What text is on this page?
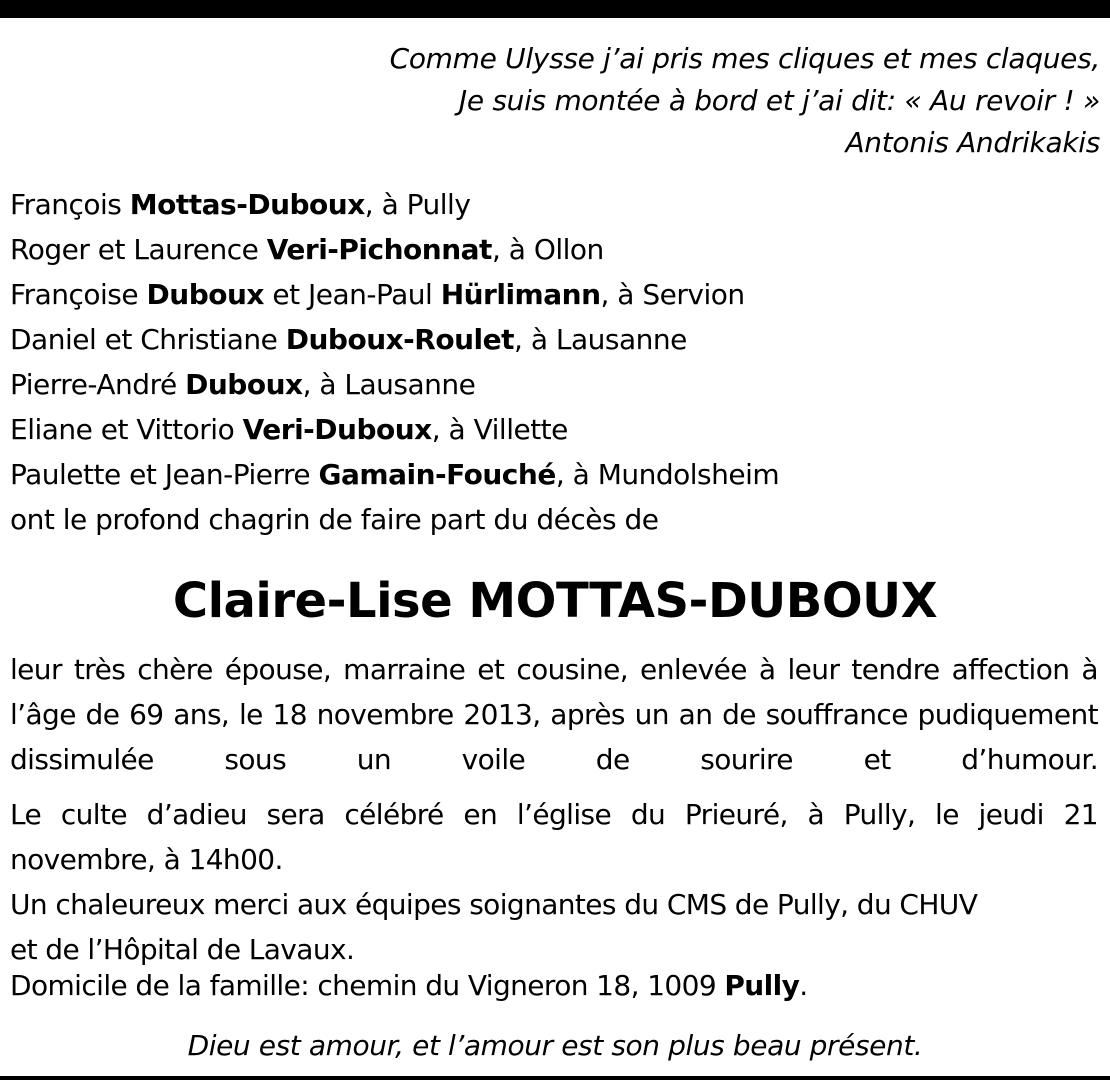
Comme Ulysse j’ai pris mes cliques et mes claques,
Je suis montée à bord et j’ai dit: « Au revoir ! »
Antonis Andrikakis
François Mottas-Duboux, à Pully
Roger et Laurence Veri-Pichonnat, à Ollon
Françoise Duboux et Jean-Paul Hürlimann, à Servion
Daniel et Christiane Duboux-Roulet, à Lausanne
Pierre-André Duboux, à Lausanne
Eliane et Vittorio Veri-Duboux, à Villette
Paulette et Jean-Pierre Gamain-Fouché, à Mundolsheim
ont le profond chagrin de faire part du décès de
Claire-Lise MOTTAS-DUBOUX
leur très chère épouse, marraine et cousine, enlevée à leur tendre affection à l’âge de 69 ans, le 18 novembre 2013, après un an de souffrance pudiquement dissimulée sous un voile de sourire et d’humour.
Le culte d’adieu sera célébré en l’église du Prieuré, à Pully, le jeudi 21 novembre, à 14h00.
Un chaleureux merci aux équipes soignantes du CMS de Pully, du CHUV
et de l’Hôpital de Lavaux.
Domicile de la famille: chemin du Vigneron 18, 1009 Pully.
Dieu est amour, et l’amour est son plus beau présent.
